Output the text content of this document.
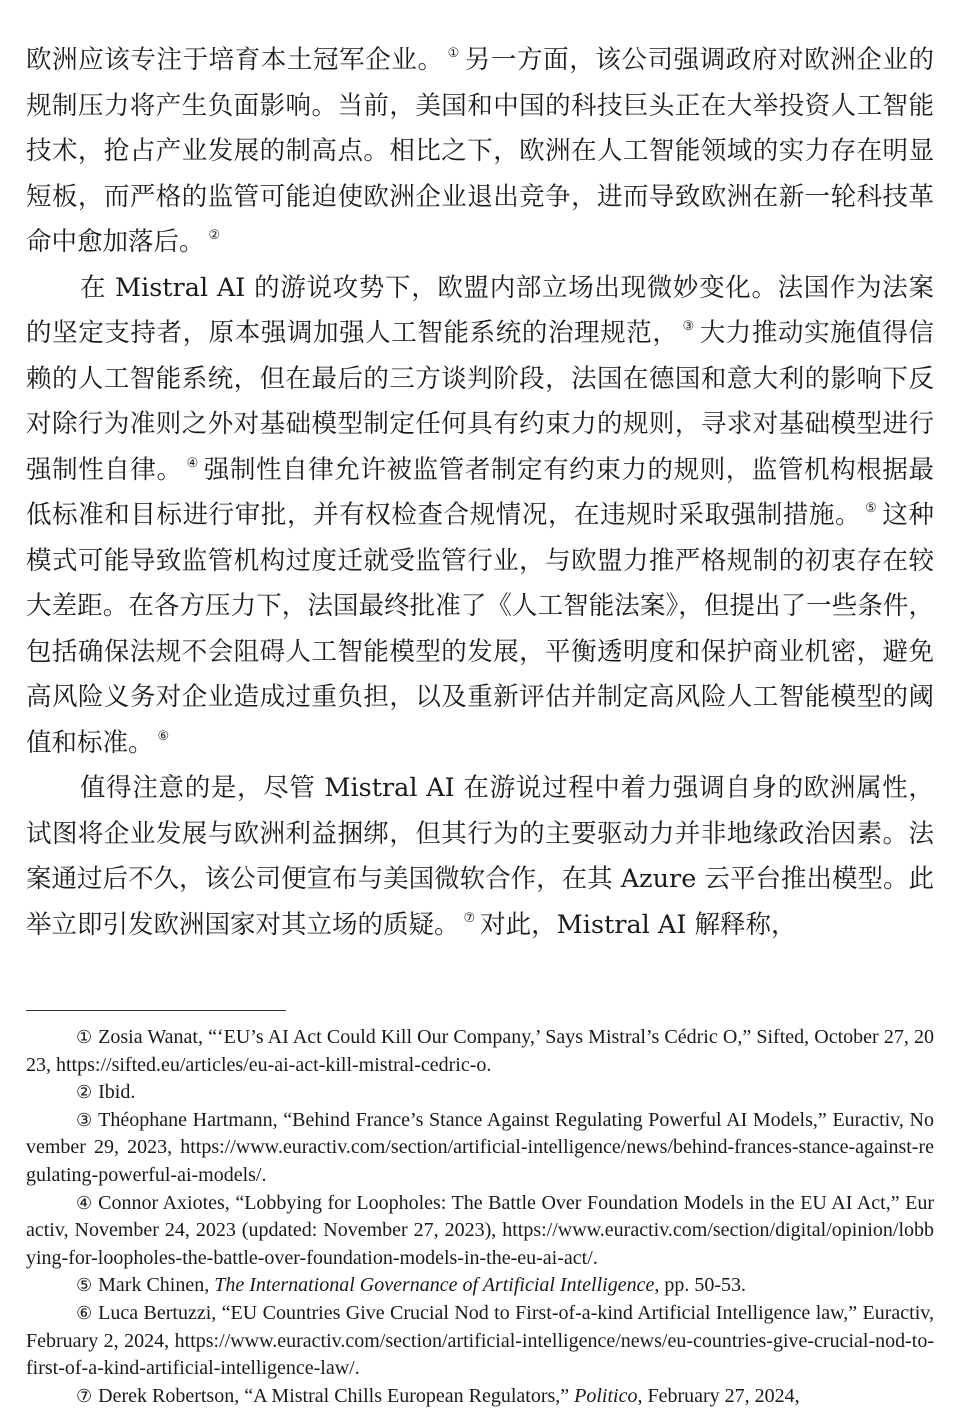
欧洲应该专注于培育本土冠军企业。 ① 另一方面，该公司强调政府对欧洲企业的规制压力将产生负面影响。当前，美国和中国的科技巨头正在大举投资人工智能技术，抢占产业发展的制高点。相比之下，欧洲在人工智能领域的实力存在明显短板，而严格的监管可能迫使欧洲企业退出竞争，进而导致欧洲在新一轮科技革命中愈加落后。 ②

在 Mistral AI 的游说攻势下，欧盟内部立场出现微妙变化。法国作为法案的坚定支持者，原本强调加强人工智能系统的治理规范， ③ 大力推动实施值得信赖的人工智能系统，但在最后的三方谈判阶段，法国在德国和意大利的影响下反对除行为准则之外对基础模型制定任何具有约束力的规则，寻求对基础模型进行强制性自律。 ④ 强制性自律允许被监管者制定有约束力的规则，监管机构根据最低标准和目标进行审批，并有权检查合规情况，在违规时采取强制措施。 ⑤ 这种模式可能导致监管机构过度迁就受监管行业，与欧盟力推严格规制的初衷存在较大差距。在各方压力下，法国最终批准了《人工智能法案》，但提出了一些条件，包括确保法规不会阻碍人工智能模型的发展，平衡透明度和保护商业机密，避免高风险义务对企业造成过重负担，以及重新评估并制定高风险人工智能模型的阈值和标准。 ⑥

值得注意的是，尽管 Mistral AI 在游说过程中着力强调自身的欧洲属性，试图将企业发展与欧洲利益捆绑，但其行为的主要驱动力并非地缘政治因素。法案通过后不久，该公司便宣布与美国微软合作，在其 Azure 云平台推出模型。此举立即引发欧洲国家对其立场的质疑。 ⑦ 对此，Mistral AI 解释称，

① Zosia Wanat, “‘EU’s AI Act Could Kill Our Company,’ Says Mistral’s Cédric O,” Sifted, October 27, 2023, https://sifted.eu/articles/eu-ai-act-kill-mistral-cedric-o.

② Ibid.

③ Théophane Hartmann, “Behind France’s Stance Against Regulating Powerful AI Models,” Euractiv, November 29, 2023, https://www.euractiv.com/section/artificial-intelligence/news/behind-frances-stance-against-regulating-powerful-ai-models/.

④ Connor Axiotes, “Lobbying for Loopholes: The Battle Over Foundation Models in the EU AI Act,” Euractiv, November 24, 2023 (updated: November 27, 2023), https://www.euractiv.com/section/digital/opinion/lobbying-for-loopholes-the-battle-over-foundation-models-in-the-eu-ai-act/.

⑤ Mark Chinen, The International Governance of Artificial Intelligence, pp. 50-53.

⑥ Luca Bertuzzi, “EU Countries Give Crucial Nod to First-of-a-kind Artificial Intelligence law,” Euractiv, February 2, 2024, https://www.euractiv.com/section/artificial-intelligence/news/eu-countries-give-crucial-nod-to-first-of-a-kind-artificial-intelligence-law/.

⑦ Derek Robertson, “A Mistral Chills European Regulators,” Politico, February 27, 2024,
